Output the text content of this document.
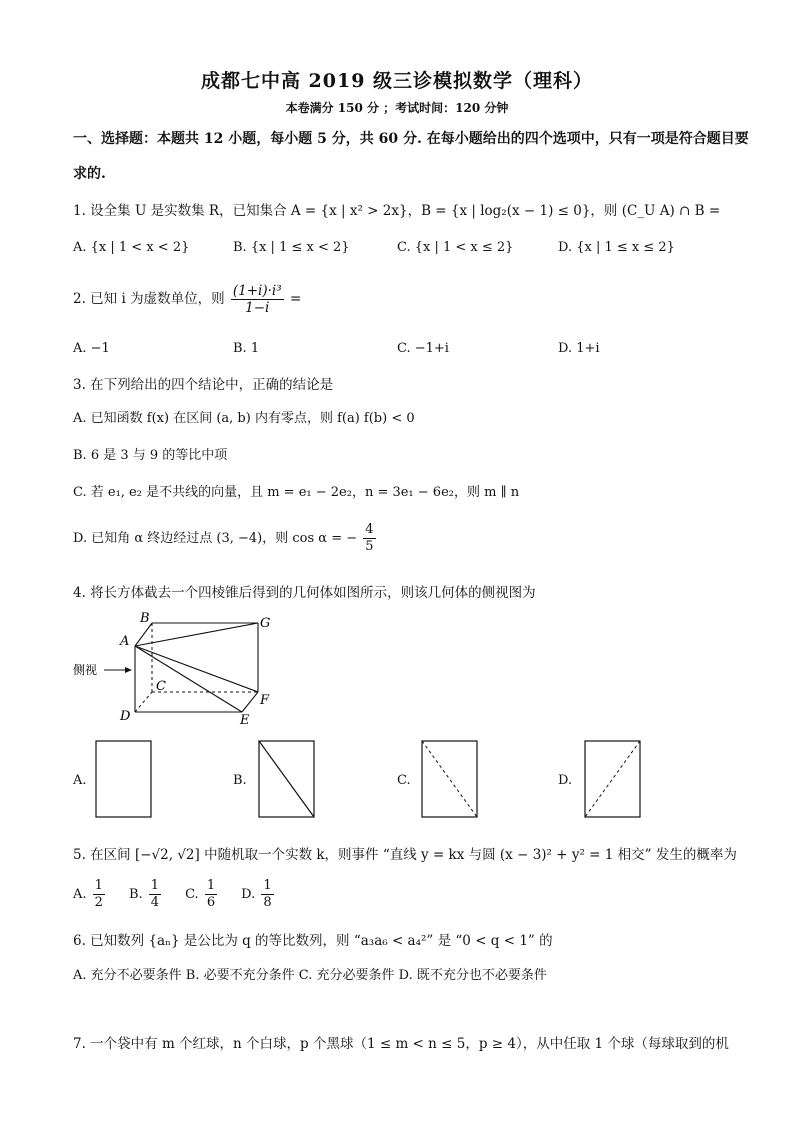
成都七中高 2019 级三诊模拟数学（理科）
本卷满分 150 分 ；考试时间：120 分钟
一、选择题：本题共 12 小题，每小题 5 分，共 60 分. 在每小题给出的四个选项中，只有一项是符合题目要
求的.
1. 设全集 U 是实数集 R，已知集合 A = {x | x² > 2x}，B = {x | log₂(x − 1) ≤ 0}，则 (C_U A) ∩ B =
A. {x | 1 < x < 2}	B. {x | 1 ≤ x < 2}	C. {x | 1 < x ≤ 2}	D. {x | 1 ≤ x ≤ 2}
2. 已知 i 为虚数单位，则 $\frac{\text{(1+i)·i³}}{1-i}$ =
A. −1	B. 1	C. −1+i	D. 1+i
3. 在下列给出的四个结论中，正确的结论是
A. 已知函数 f(x) 在区间 (a, b) 内有零点，则 f(a) f(b) < 0
B. 6 是 3 与 9 的等比中项
C. 若 e₁, e₂ 是不共线的向量，且 m = e₁ − 2e₂，n = 3e₁ − 6e₂，则 m ∥ n
D. 已知角 α 终边经过点 (3, −4)，则 cos α = − $\frac{4}{5}$
4. 将长方体截去一个四棱锥后得到的几何体如图所示，则该几何体的侧视图为
侧视
A
B
C
D	E
F
G
A.	B.	C.	D.
5. 在区间 [−√2, √2] 中随机取一个实数 k，则事件 “直线 y = kx 与圆 (x − 3)² + y² = 1 相交” 发生的概率为
A. $\frac{1}{2} B$. $\frac{1}{4} C$. $\frac{1}{6} D$. $\frac{1}{8}$
6. 已知数列 {aₙ} 是公比为 q 的等比数列，则 “a₃a₆ < a₄²” 是 “0 < q < 1” 的
A. 充分不必要条件 B. 必要不充分条件 C. 充分必要条件 D. 既不充分也不必要条件
7. 一个袋中有 m 个红球，n 个白球，p 个黑球（1 ≤ m < n ≤ 5，p ≥ 4），从中任取 1 个球（每球取到的机
